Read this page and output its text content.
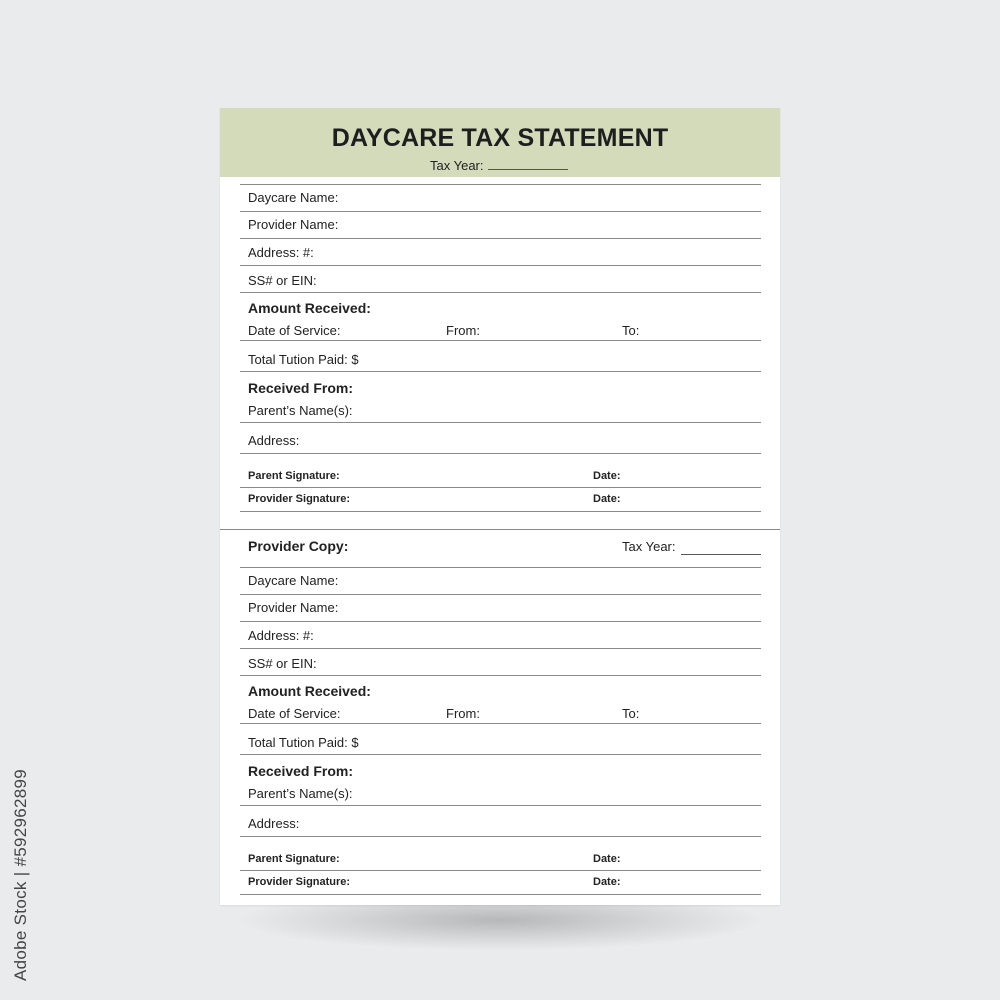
DAYCARE TAX STATEMENT
Tax Year:
Daycare Name:
Provider Name:
Address: #:
SS# or EIN:
Amount Received:
Date of Service:	From:	To:
Total Tution Paid: $
Received From:
Parent’s Name(s):
Address:
Parent Signature:	Date:
Provider Signature:	Date:
Provider Copy:	Tax Year:
Daycare Name:
Provider Name:
Address: #:
SS# or EIN:
Amount Received:
Date of Service:	From:	To:
Total Tution Paid: $
Received From:
Parent’s Name(s):
Address:
Parent Signature:	Date:
Provider Signature:	Date:
Adobe Stock | #592962899
